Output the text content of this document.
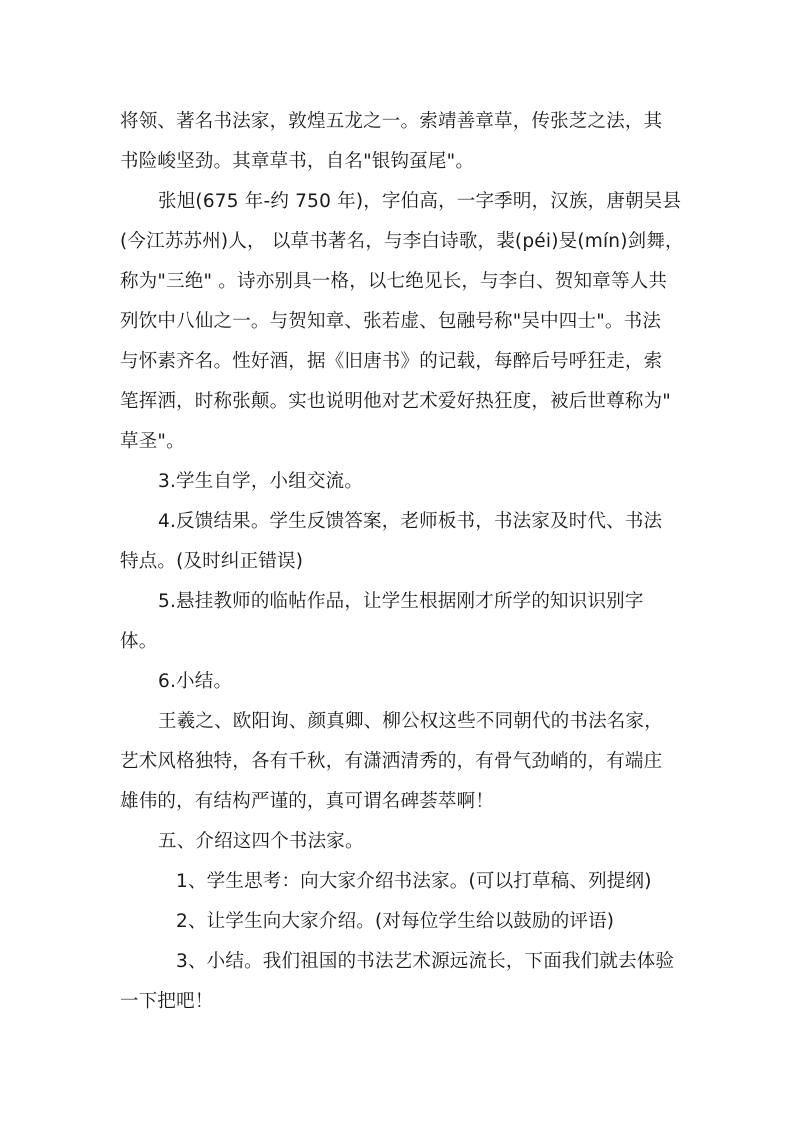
将领、著名书法家，敦煌五龙之一。索靖善章草，传张芝之法，其
书险峻坚劲。其章草书，自名"银钩虿尾"。
张旭(675 年-约 750 年)，字伯高，一字季明，汉族，唐朝吴县
(今江苏苏州)人， 以草书著名，与李白诗歌，裴(péi)旻(mín)剑舞，
称为"三绝" 。诗亦别具一格，以七绝见长，与李白、贺知章等人共
列饮中八仙之一。与贺知章、张若虚、包融号称"吴中四士"。书法
与怀素齐名。性好酒，据《旧唐书》的记载，每醉后号呼狂走，索
笔挥洒，时称张颠。实也说明他对艺术爱好热狂度，被后世尊称为"
草圣"。
3.学生自学，小组交流。
4.反馈结果。学生反馈答案，老师板书，书法家及时代、书法
特点。(及时纠正错误)
5.悬挂教师的临帖作品，让学生根据刚才所学的知识识别字
体。
6.小结。
王羲之、欧阳询、颜真卿、柳公权这些不同朝代的书法名家，
艺术风格独特，各有千秋，有潇洒清秀的，有骨气劲峭的，有端庄
雄伟的，有结构严谨的，真可谓名碑荟萃啊！
五、介绍这四个书法家。
1、学生思考：向大家介绍书法家。(可以打草稿、列提纲)
2、让学生向大家介绍。(对每位学生给以鼓励的评语)
3、小结。我们祖国的书法艺术源远流长，下面我们就去体验
一下把吧！
